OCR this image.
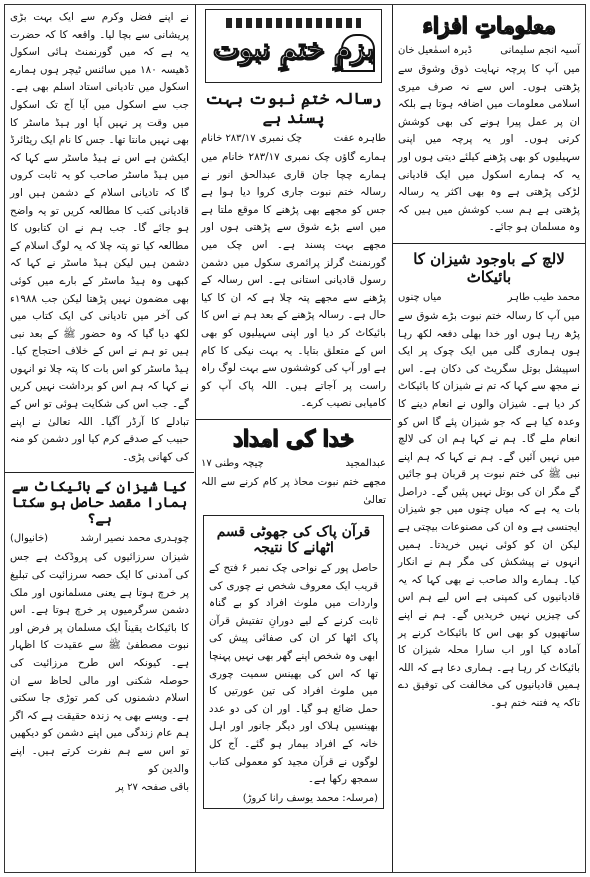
معلوماتِ افزاء
آسیہ انجم سلیمانی
ڈیرہ اسمٰعیل خان

میں آپ کا پرچہ نہایت ذوق وشوق سے پڑھتی ہوں۔ اس سے نہ صرف میری اسلامی معلومات میں اضافہ ہوتا ہے بلکہ ان پر عمل پیرا ہونے کی بھی کوشش کرتی ہوں۔ اور یہ پرچہ میں اپنی سہیلیوں کو بھی پڑھنے کیلئے دیتی ہوں اور یہ کہ ہمارے اسکول میں ایک قادیانی لڑکی پڑھتی ہے وہ بھی اکثر یہ رسالہ پڑھتی ہے ہم سب کوشش میں ہیں کہ وہ مسلمان ہو جائے۔

لالچ کے باوجود شیزان کا بائیکاٹ
محمد طیب طاہر
میاں چنوں

میں آپ کا رسالہ ختم نبوت بڑے شوق سے پڑھ رہا ہوں اور خدا بھلی دفعہ لکھ رہا ہوں ہماری گلی میں ایک چوک پر ایک اسپیشل بوتل سگریٹ کی دکان ہے۔ اس نے مجھ سے کہا کہ تم نے شیزان کا بائیکاٹ کر دیا ہے۔ شیزان والوں نے انعام دینے کا وعدہ کیا ہے کہ جو شیزان پئے گا اس کو انعام ملے گا۔ ہم نے کہا ہم ان کی لالچ میں نہیں آئیں گے۔ ہم نے کہا کہ ہم اپنے نبی ﷺ کی ختم نبوت پر قربان ہو جائیں گے مگر ان کی بوتل نہیں پئیں گے۔ دراصل بات یہ ہے کہ میاں چنوں میں جو شیزان ایجنسی ہے وہ ان کی مصنوعات بیچتی ہے لیکن ان کو کوئی نہیں خریدتا۔ ہمیں انہوں نے پیشکش کی مگر ہم نے انکار کیا۔ ہمارے والد صاحب نے بھی کہا کہ یہ قادیانیوں کی کمپنی ہے اس لیے ہم اس کی چیزیں نہیں خریدیں گے۔ ہم نے اپنے ساتھیوں کو بھی اس کا بائیکاٹ کرنے پر آمادہ کیا اور اب سارا محلہ شیزان کا بائیکاٹ کر رہا ہے۔ ہماری دعا ہے کہ اللہ ہمیں قادیانیوں کی مخالفت کی توفیق دے تاکہ یہ فتنہ ختم ہو۔

بزمِ ختمِ نبوت
رسالہ ختمِ نبوت بہت پسند ہے
طاہرہ عفت
چک نمبری ۲۸۳/۱۷ خانام

ہمارے گاؤں چک نمبری ۲۸۳/۱۷ خانام میں ہمارے چچا جان قاری عبدالحق انور نے رسالہ ختم نبوت جاری کروا دیا ہوا ہے جس کو مجھے بھی پڑھنے کا موقع ملتا ہے میں اسے بڑے شوق سے پڑھتی ہوں اور مجھے بہت پسند ہے۔ اس چک میں گورنمنٹ گرلز پرائمری سکول میں دشمن رسول قادیانی استانی ہے۔ اس رسالہ کے پڑھنے سے مجھے پتہ چلا ہے کہ ان کا کیا حال ہے۔ رسالہ پڑھنے کے بعد ہم نے اس کا بائیکاٹ کر دیا اور اپنی سہیلیوں کو بھی اس کے متعلق بتایا۔ یہ بہت نیکی کا کام ہے اور آپ کی کوششوں سے بہت لوگ راہ راست پر آجاتے ہیں۔ اللہ پاک آپ کو کامیابی نصیب کرے۔

خدا کی امداد
عبدالمجید
چیچہ وطنی ۱۷

مجھے ختم نبوت محاذ پر کام کرنے سے اللہ تعالیٰ

قرآن پاک کی جھوٹی قسم اٹھانے کا نتیجہ

حاصل پور کے نواحی چک نمبر ۶ فتح کے قریب ایک معروف شخص نے چوری کی واردات میں ملوث افراد کو بے گناہ ثابت کرنے کے لیے دورانِ تفتیش قرآن پاک اٹھا کر ان کی صفائی پیش کی ابھی وہ شخص اپنے گھر بھی نہیں پہنچا تھا کہ اس کی بھینس سمیت چوری میں ملوث افراد کی تین عورتیں کا حمل ضائع ہو گیا۔ اور ان کی دو عدد بھینسیں ہلاک اور دیگر جانور اور اہل خانہ کے افراد بیمار ہو گئے۔ آج کل لوگوں نے قرآن مجید کو معمولی کتاب سمجھ رکھا ہے۔

(مرسلہ: محمد یوسف رانا کروڑ)

نے اپنے فضل وکرم سے ایک بہت بڑی پریشانی سے بچا لیا۔ واقعہ کا کہ حضرت یہ ہے کہ میں گورنمنٹ ہائی اسکول ڈھیسہ ۱۸۰ میں سائنس ٹیچر ہوں ہمارے اسکول میں تادیانی استاد اسلم بھی ہے۔ جب سے اسکول میں آیا آج تک اسکول میں وقت پر نہیں آیا اور ہیڈ ماسٹر کا بھی نہیں مانتا تھا۔ جس کا نام ایک ریٹائرڈ ایکشن ہے اس نے ہیڈ ماسٹر سے کہا کہ میں ہیڈ ماسٹر صاحب کو یہ ثابت کروں گا کہ تادیانی اسلام کے دشمن ہیں اور قادیانی کتب کا مطالعہ کریں تو یہ واضح ہو جائے گا۔ جب ہم نے ان کتابوں کا مطالعہ کیا تو پتہ چلا کہ یہ لوگ اسلام کے دشمن ہیں لیکن ہیڈ ماسٹر نے کہا کہ کبھی وہ ہیڈ ماسٹر کے بارے میں کوئی بھی مضمون نہیں پڑھتا لیکن جب ۱۹۸۸ء کی آخر میں تادیانی کی ایک کتاب میں لکھ دیا گیا کہ وہ حضور ﷺ کے بعد نبی ہیں تو ہم نے اس کے خلاف احتجاج کیا۔ ہیڈ ماسٹر کو اس بات کا پتہ چلا تو انہوں نے کہا کہ ہم اس کو برداشت نہیں کریں گے۔ جب اس کی شکایت ہوئی تو اس کے تبادلے کا آرڈر آگیا۔ اللہ تعالیٰ نے اپنے حبیب کے صدقے کرم کیا اور دشمن کو منہ کی کھانی پڑی۔

کیا شیزان کے بائیکاٹ سے ہمارا مقصد حاصل ہو سکتا ہے؟
چوہدری محمد نصیر ارشد
(خانیوال)

شیزان سرزائیوں کی پروڈکٹ ہے جس کی آمدنی کا ایک حصہ سرزائیت کی تبلیغ پر خرچ ہوتا ہے یعنی مسلمانوں اور ملک دشمن سرگرمیوں پر خرچ ہوتا ہے۔ اس کا بائیکاٹ یقیناً ایک مسلمان پر فرض اور نبوت مصطفیٰ ﷺ سے عقیدت کا اظہار ہے۔ کیونکہ اس طرح مرزائیت کی حوصلہ شکنی اور مالی لحاظ سے ان اسلام دشمنوں کی کمر توڑی جا سکتی ہے۔ ویسے بھی یہ زندہ حقیقت ہے کہ اگر ہم عام زندگی میں اپنے دشمن کو دیکھیں تو اس سے ہم نفرت کرتے ہیں۔ اپنے والدین کو

باقی صفحہ ۲۷ پر
